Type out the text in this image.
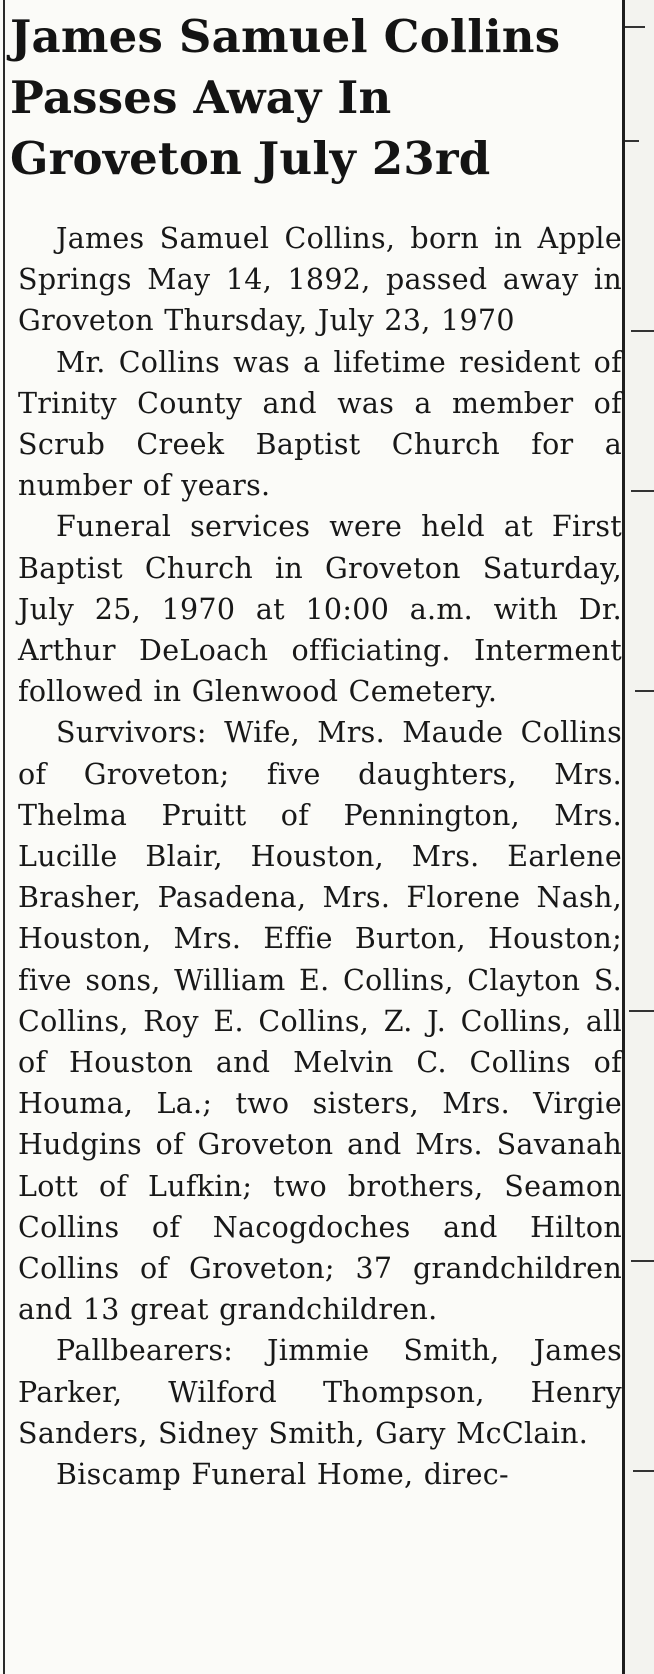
James Samuel Collins
Passes Away In
Groveton July 23rd

James Samuel Collins, born in Apple Springs May 14, 1892, passed away in Groveton Thursday, July 23, 1970

Mr. Collins was a lifetime resident of Trinity County and was a member of Scrub Creek Baptist Church for a number of years.

Funeral services were held at First Baptist Church in Groveton Saturday, July 25, 1970 at 10:00 a.m. with Dr. Arthur DeLoach officiating. Interment followed in Glenwood Cemetery.

Survivors: Wife, Mrs. Maude Collins of Groveton; five daughters, Mrs. Thelma Pruitt of Pennington, Mrs. Lucille Blair, Houston, Mrs. Earlene Brasher, Pasadena, Mrs. Florene Nash, Houston, Mrs. Effie Burton, Houston; five sons, William E. Collins, Clayton S. Collins, Roy E. Collins, Z. J. Collins, all of Houston and Melvin C. Collins of Houma, La.; two sisters, Mrs. Virgie Hudgins of Groveton and Mrs. Savanah Lott of Lufkin; two brothers, Seamon Collins of Nacogdoches and Hilton Collins of Groveton; 37 grandchildren and 13 great grandchildren.

Pallbearers: Jimmie Smith, James Parker, Wilford Thompson, Henry Sanders, Sidney Smith, Gary McClain.

Biscamp Funeral Home, direc-
